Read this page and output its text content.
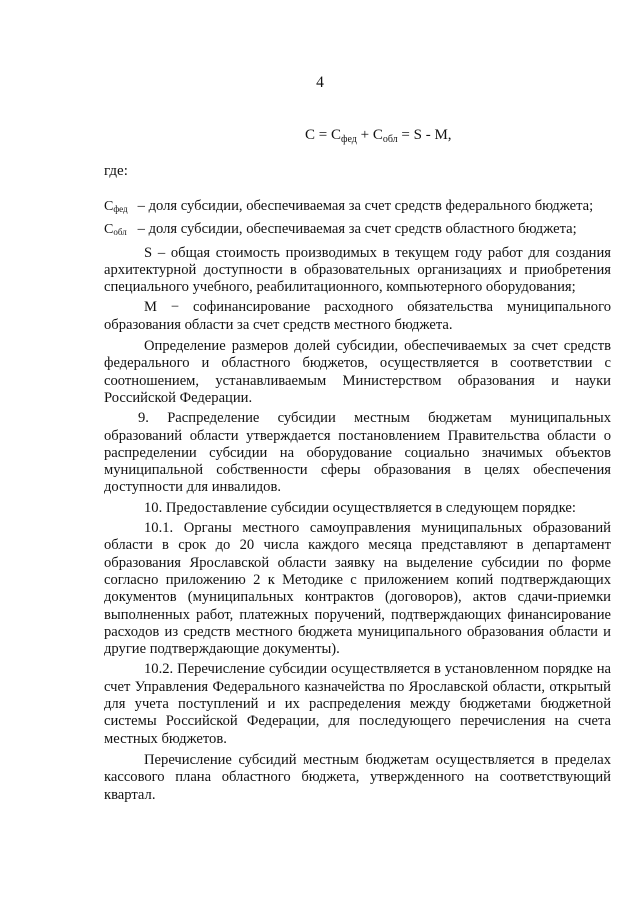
4
$С = С_{фед} + С_{обл} = S - М$,
где:

$С_{фед}$ – доля субсидии, обеспечиваемая за счет средств федерального бюджета;

$С_{обл}$ – доля субсидии, обеспечиваемая за счет средств областного бюджета;

S – общая стоимость производимых в текущем году работ для создания архитектурной доступности в образовательных организациях и приобретения специального учебного, реабилитационного, компьютерного оборудования;

М − софинансирование расходного обязательства муниципального образования области за счет средств местного бюджета.

Определение размеров долей субсидии, обеспечиваемых за счет средств федерального и областного бюджетов, осуществляется в соответствии с соотношением, устанавливаемым Министерством образования и науки Российской Федерации.

9. Распределение субсидии местным бюджетам муниципальных образований области утверждается постановлением Правительства области о распределении субсидии на оборудование социально значимых объектов муниципальной собственности сферы образования в целях обеспечения доступности для инвалидов.

10. Предоставление субсидии осуществляется в следующем порядке:

10.1. Органы местного самоуправления муниципальных образований области в срок до 20 числа каждого месяца представляют в департамент образования Ярославской области заявку на выделение субсидии по форме согласно приложению 2 к Методике с приложением копий подтверждающих документов (муниципальных контрактов (договоров), актов сдачи-приемки выполненных работ, платежных поручений, подтверждающих финансирование расходов из средств местного бюджета муниципального образования области и другие подтверждающие документы).

10.2. Перечисление субсидии осуществляется в установленном порядке на счет Управления Федерального казначейства по Ярославской области, открытый для учета поступлений и их распределения между бюджетами бюджетной системы Российской Федерации, для последующего перечисления на счета местных бюджетов.

Перечисление субсидий местным бюджетам осуществляется в пределах кассового плана областного бюджета, утвержденного на соответствующий квартал.
